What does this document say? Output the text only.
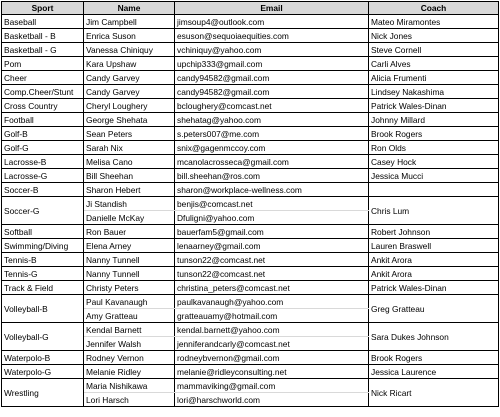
Sport	Name	Email	Coach
Baseball	Jim Campbell	jimsoup4@outlook.com	Mateo Miramontes
Basketball - B	Enrica Suson	esuson@sequoiaequities.com	Nick Jones
Basketball - G	Vanessa Chiniquy	vchiniquy@yahoo.com	Steve Cornell
Pom	Kara Upshaw	upchip333@gmail.com	Carli Alves
Cheer	Candy Garvey	candy94582@gmail.com	Alicia Frumenti
Comp.Cheer/Stunt	Candy Garvey	candy94582@gmail.com	Lindsey Nakashima
Cross Country	Cheryl Loughery	bcloughery@comcast.net	Patrick Wales-Dinan
Football	George Shehata	shehatag@yahoo.com	Johnny Millard
Golf-B	Sean Peters	s.peters007@me.com	Brook Rogers
Golf-G	Sarah Nix	snix@gagenmccoy.com	Ron Olds
Lacrosse-B	Melisa Cano	mcanolacrosseca@gmail.com	Casey Hock
Lacrosse-G	Bill Sheehan	bill.sheehan@ros.com	Jessica Mucci
Soccer-B	Sharon Hebert	sharon@workplace-wellness.com	
Soccer-G	Ji Standish	benjis@comcast.net	Chris Lum
	Danielle McKay	Dfuligni@yahoo.com	
Softball	Ron Bauer	bauerfam5@gmail.com	Robert Johnson
Swimming/Diving	Elena Arney	lenaarney@gmail.com	Lauren Braswell
Tennis-B	Nanny Tunnell	tunson22@comcast.net	Ankit Arora
Tennis-G	Nanny Tunnell	tunson22@comcast.net	Ankit Arora
Track & Field	Christy Peters	christina_peters@comcast.net	Patrick Wales-Dinan
Volleyball-B	Paul Kavanaugh	paulkavanaugh@yahoo.com	Greg Gratteau
	Amy Gratteau	gratteauamy@hotmail.com	
Volleyball-G	Kendal Barnett	kendal.barnett@yahoo.com	Sara Dukes Johnson
	Jennifer Walsh	jenniferandcarly@comcast.net	
Waterpolo-B	Rodney Vernon	rodneybvernon@gmail.com	Brook Rogers
Waterpolo-G	Melanie Ridley	melanie@ridleyconsulting.net	Jessica Laurence
Wrestling	Maria Nishikawa	mammaviking@gmail.com	Nick Ricart
	Lori Harsch	lori@harschworld.com	
